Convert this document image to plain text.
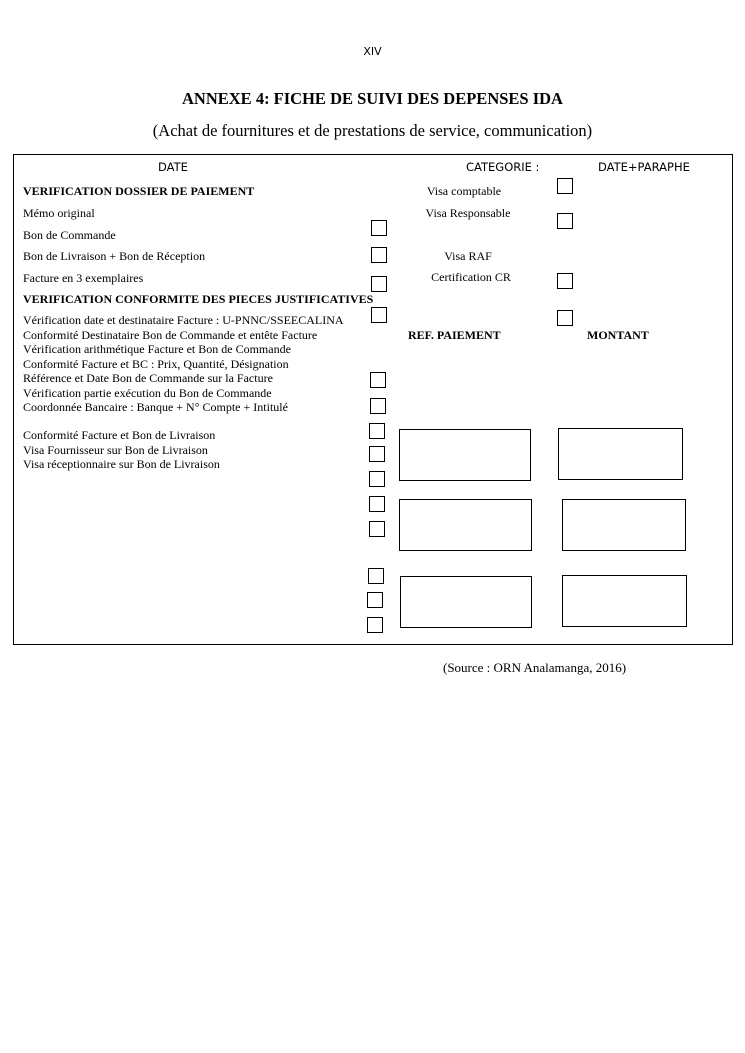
XIV
ANNEXE 4: FICHE DE SUIVI DES DEPENSES IDA
(Achat de fournitures et de prestations de service, communication)
DATE	CATEGORIE :	DATE+PARAPHE
VERIFICATION DOSSIER DE PAIEMENT
Mémo original
Bon de Commande
Bon de Livraison + Bon de Réception
Facture en 3 exemplaires
VERIFICATION CONFORMITE DES PIECES JUSTIFICATIVES
Vérification date et destinataire Facture : U-PNNC/SSEECALINA
Conformité Destinataire Bon de Commande et entête Facture
Vérification arithmétique Facture et Bon de Commande
Conformité Facture et BC : Prix, Quantité, Désignation
Référence et Date Bon de Commande sur la Facture
Vérification partie exécution du Bon de Commande
Coordonnée Bancaire : Banque + N° Compte + Intitulé
Conformité Facture et Bon de Livraison
Visa Fournisseur sur Bon de Livraison
Visa réceptionnaire sur Bon de Livraison
Visa comptable
Visa Responsable
Visa RAF
Certification CR
REF. PAIEMENT	MONTANT
(Source : ORN Analamanga, 2016)
